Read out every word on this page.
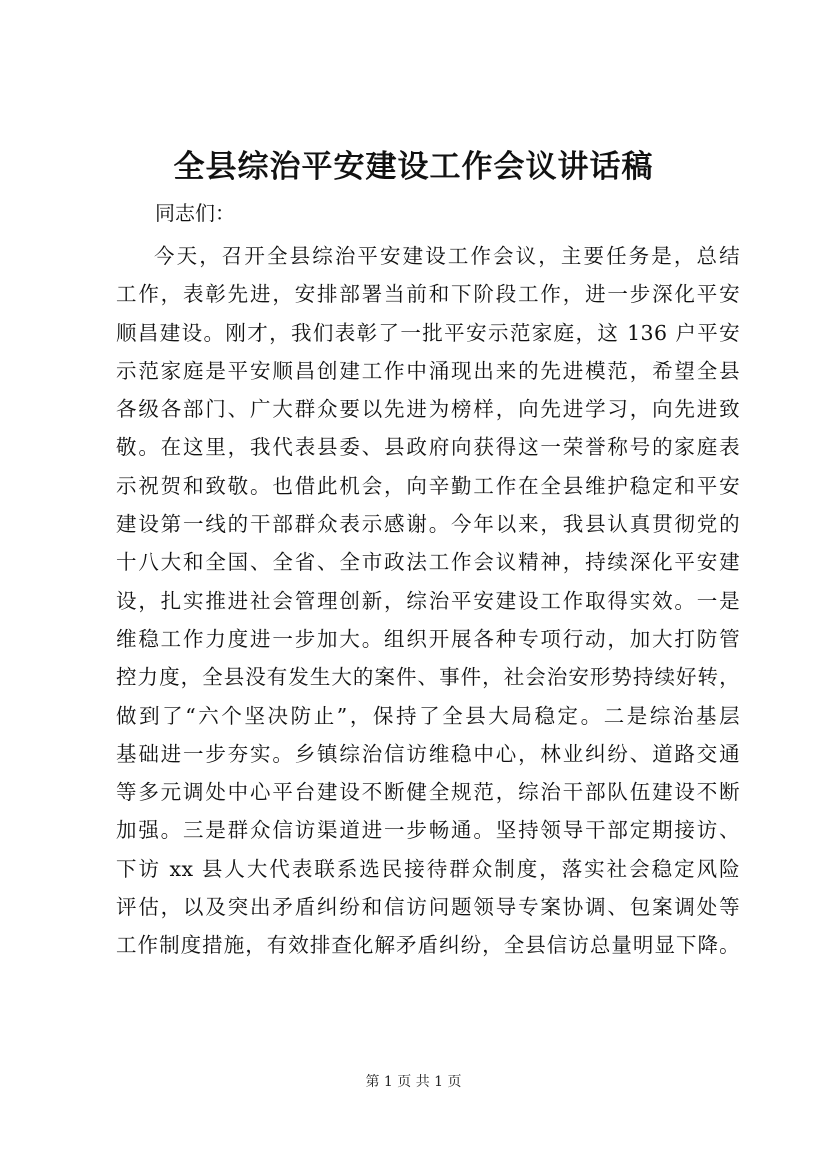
全县综治平安建设工作会议讲话稿
同志们：
今天，召开全县综治平安建设工作会议，主要任务是，总结
工作，表彰先进，安排部署当前和下阶段工作，进一步深化平安
顺昌建设。刚才，我们表彰了一批平安示范家庭，这 136 户平安
示范家庭是平安顺昌创建工作中涌现出来的先进模范，希望全县
各级各部门、广大群众要以先进为榜样，向先进学习，向先进致
敬。在这里，我代表县委、县政府向获得这一荣誉称号的家庭表
示祝贺和致敬。也借此机会，向辛勤工作在全县维护稳定和平安
建设第一线的干部群众表示感谢。今年以来，我县认真贯彻党的
十八大和全国、全省、全市政法工作会议精神，持续深化平安建
设，扎实推进社会管理创新，综治平安建设工作取得实效。一是
维稳工作力度进一步加大。组织开展各种专项行动，加大打防管
控力度，全县没有发生大的案件、事件，社会治安形势持续好转，
做到了“六个坚决防止”，保持了全县大局稳定。二是综治基层
基础进一步夯实。乡镇综治信访维稳中心，林业纠纷、道路交通
等多元调处中心平台建设不断健全规范，综治干部队伍建设不断
加强。三是群众信访渠道进一步畅通。坚持领导干部定期接访、
下访 xx 县人大代表联系选民接待群众制度，落实社会稳定风险
评估，以及突出矛盾纠纷和信访问题领导专案协调、包案调处等
工作制度措施，有效排查化解矛盾纠纷，全县信访总量明显下降。
第 1 页 共 1 页
